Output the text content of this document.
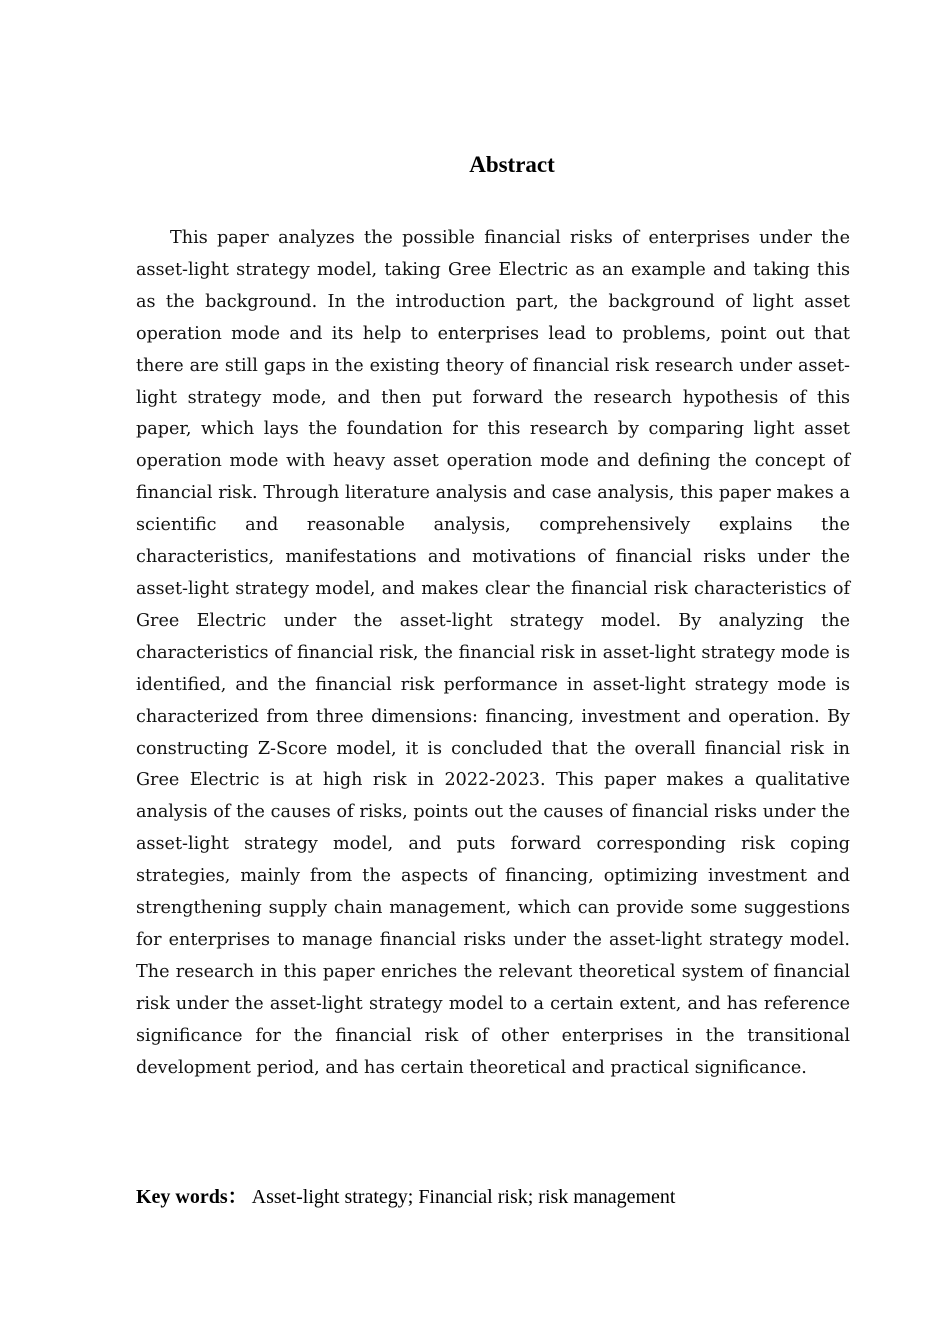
Abstract

This paper analyzes the possible financial risks of enterprises under the asset-light strategy model, taking Gree Electric as an example and taking this as the background. In the introduction part, the background of light asset operation mode and its help to enterprises lead to problems, point out that there are still gaps in the existing theory of financial risk research under asset-light strategy mode, and then put forward the research hypothesis of this paper, which lays the foundation for this research by comparing light asset operation mode with heavy asset operation mode and defining the concept of financial risk. Through literature analysis and case analysis, this paper makes a scientific and reasonable analysis, comprehensively explains the characteristics, manifestations and motivations of financial risks under the asset-light strategy model, and makes clear the financial risk characteristics of Gree Electric under the asset-light strategy model. By analyzing the characteristics of financial risk, the financial risk in asset-light strategy mode is identified, and the financial risk performance in asset-light strategy mode is characterized from three dimensions: financing, investment and operation. By constructing Z-Score model, it is concluded that the overall financial risk in Gree Electric is at high risk in 2022-2023. This paper makes a qualitative analysis of the causes of risks, points out the causes of financial risks under the asset-light strategy model, and puts forward corresponding risk coping strategies, mainly from the aspects of financing, optimizing investment and strengthening supply chain management, which can provide some suggestions for enterprises to manage financial risks under the asset-light strategy model. The research in this paper enriches the relevant theoretical system of financial risk under the asset-light strategy model to a certain extent, and has reference significance for the financial risk of other enterprises in the transitional development period, and has certain theoretical and practical significance.

Key words： Asset-light strategy; Financial risk; risk management
